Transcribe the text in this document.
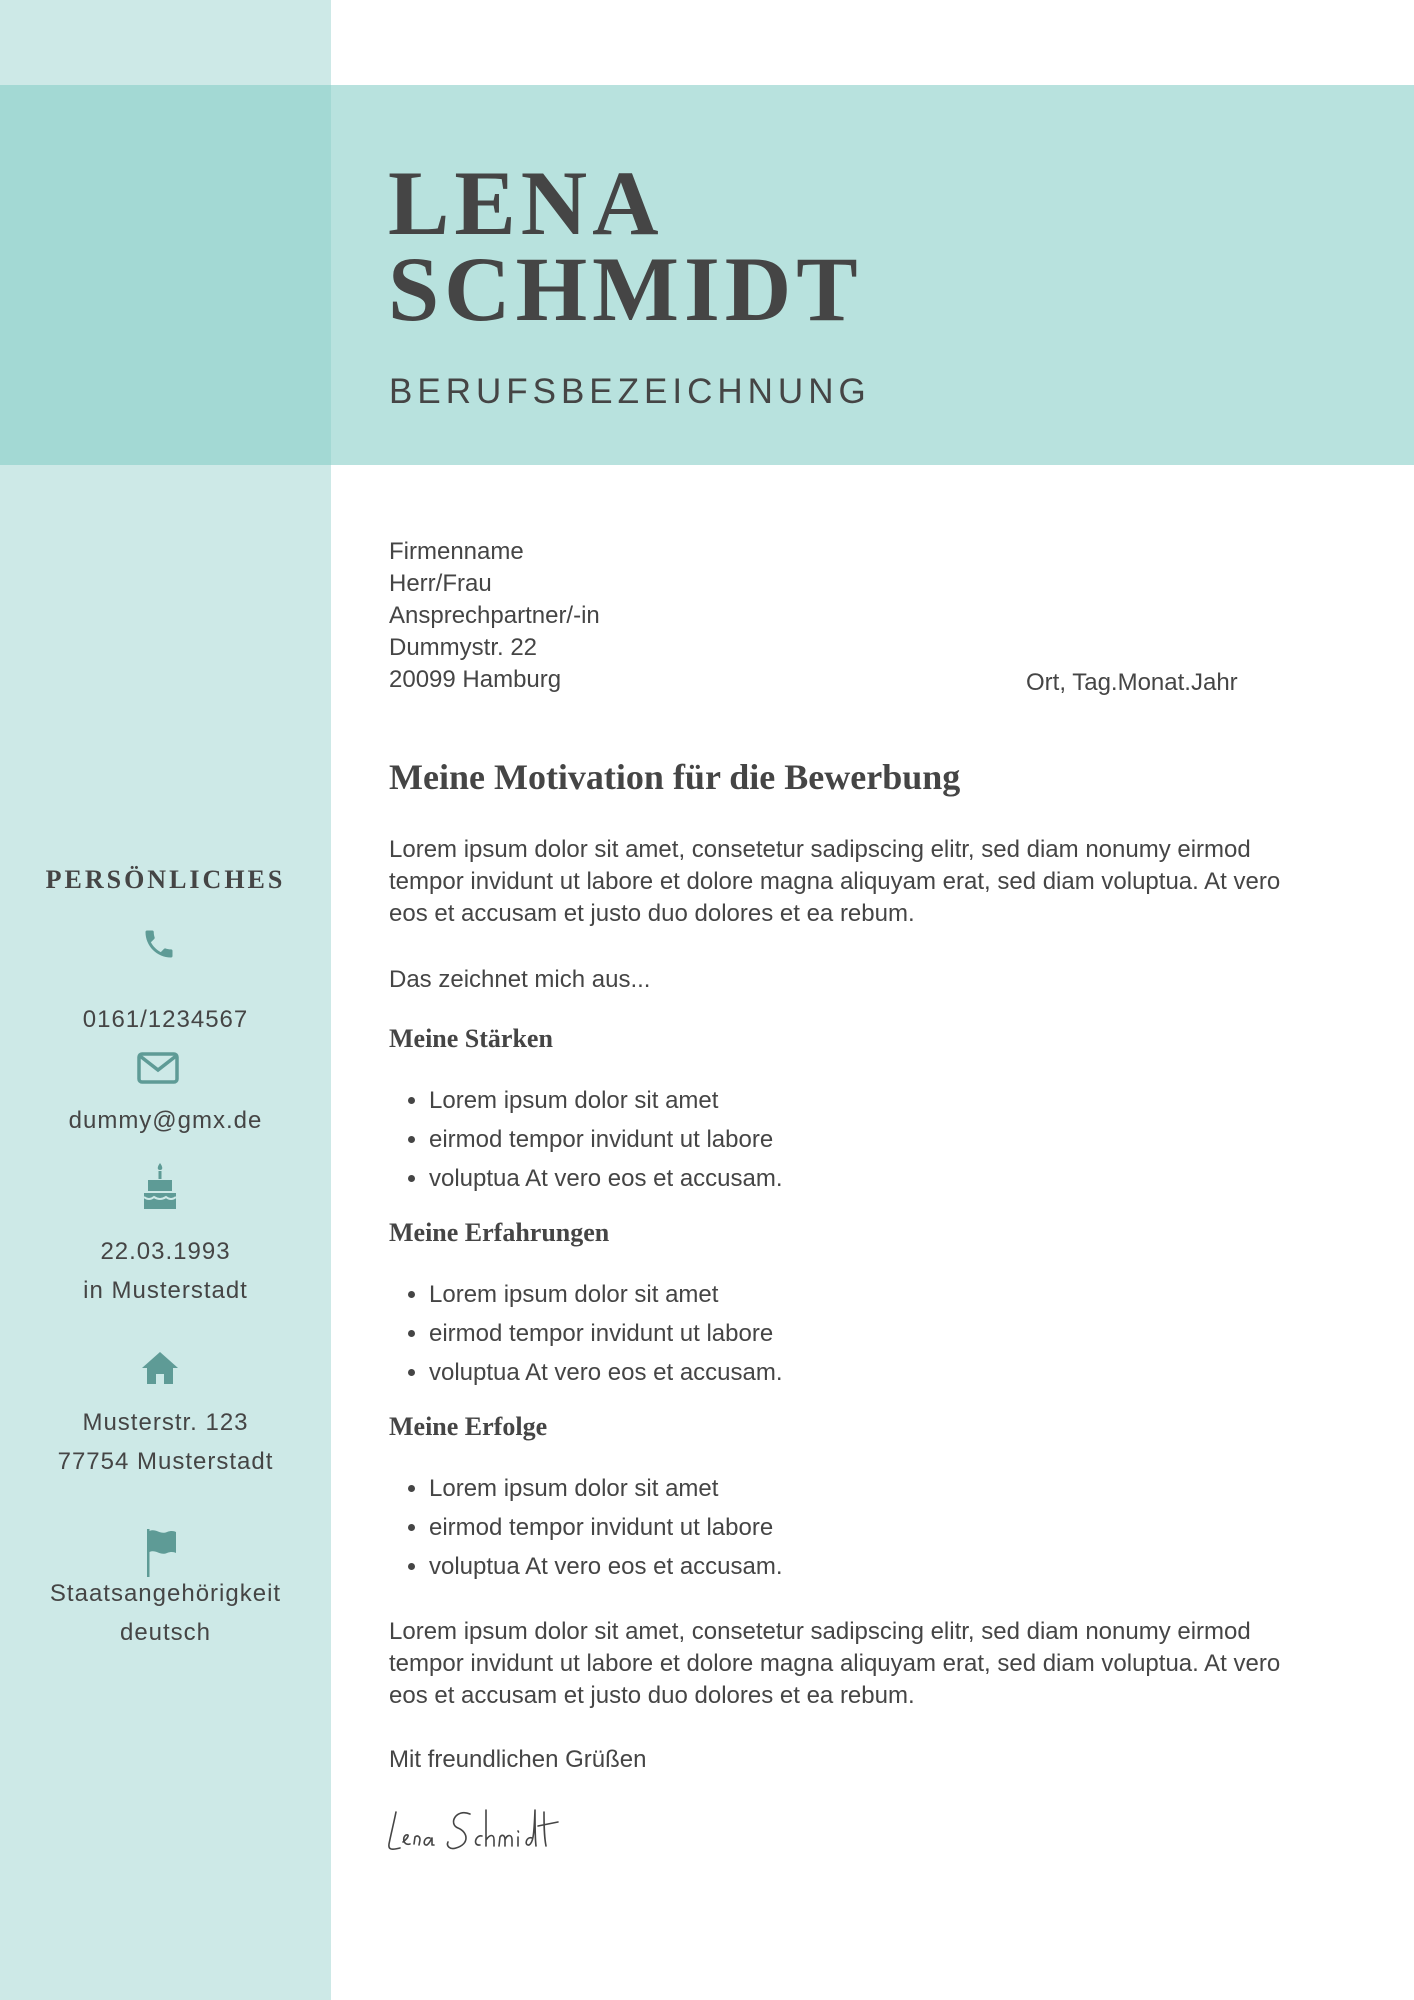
LENA
SCHMIDT
BERUFSBEZEICHNUNG
Firmenname
Herr/Frau
Ansprechpartner/-in
Dummystr. 22
20099 Hamburg	Ort, Tag.Monat.Jahr
Meine Motivation für die Bewerbung
Lorem ipsum dolor sit amet, consetetur sadipscing elitr, sed diam nonumy eirmod tempor invidunt ut labore et dolore magna aliquyam erat, sed diam voluptua. At vero eos et accusam et justo duo dolores et ea rebum.
Das zeichnet mich aus...
Meine Stärken
• Lorem ipsum dolor sit amet
• eirmod tempor invidunt ut labore
• voluptua At vero eos et accusam.
Meine Erfahrungen
• Lorem ipsum dolor sit amet
• eirmod tempor invidunt ut labore
• voluptua At vero eos et accusam.
Meine Erfolge
• Lorem ipsum dolor sit amet
• eirmod tempor invidunt ut labore
• voluptua At vero eos et accusam.
Lorem ipsum dolor sit amet, consetetur sadipscing elitr, sed diam nonumy eirmod tempor invidunt ut labore et dolore magna aliquyam erat, sed diam voluptua. At vero eos et accusam et justo duo dolores et ea rebum.
Mit freundlichen Grüßen
PERSÖNLICHES
0161/1234567
dummy@gmx.de
22.03.1993
in Musterstadt
Musterstr. 123
77754 Musterstadt
Staatsangehörigkeit
deutsch
